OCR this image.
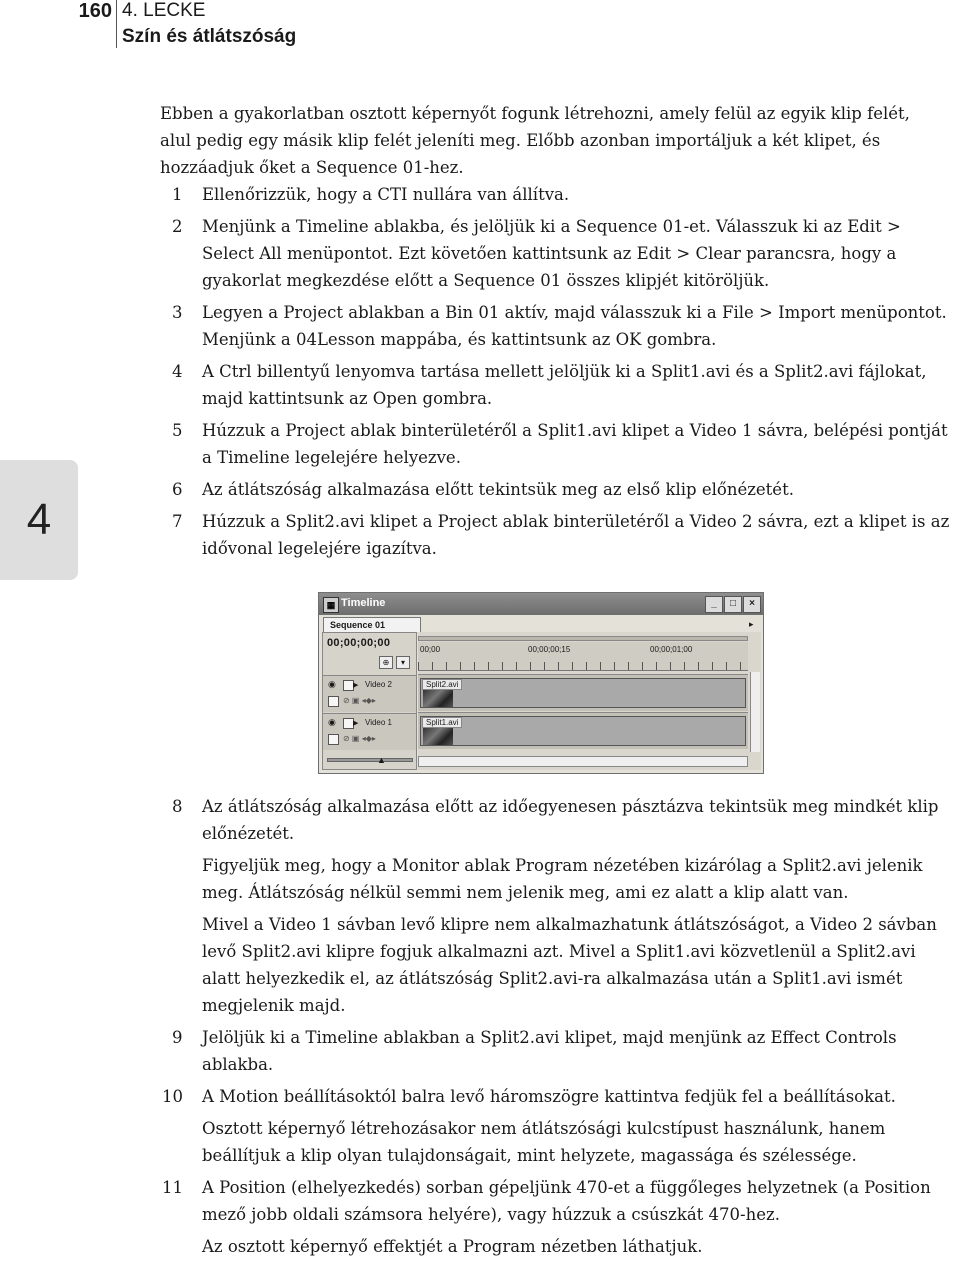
160 4. LECKE
Szín és átlátszóság
4
Ebben a gyakorlatban osztott képernyőt fogunk létrehozni, amely felül az egyik klip felét, alul pedig egy másik klip felét jeleníti meg. Előbb azonban importáljuk a két klipet, és hozzáadjuk őket a Sequence 01-hez.
1	Ellenőrizzük, hogy a CTI nullára van állítva.
2	Menjünk a Timeline ablakba, és jelöljük ki a Sequence 01-et. Válasszuk ki az Edit > Select All menüpontot. Ezt követően kattintsunk az Edit > Clear parancsra, hogy a gyakorlat megkezdése előtt a Sequence 01 összes klipjét kitöröljük.
3	Legyen a Project ablakban a Bin 01 aktív, majd válasszuk ki a File > Import menüpontot. Menjünk a 04Lesson mappába, és kattintsunk az OK gombra.
4	A Ctrl billentyű lenyomva tartása mellett jelöljük ki a Split1.avi és a Split2.avi fájlokat, majd kattintsunk az Open gombra.
5	Húzzuk a Project ablak binterületéről a Split1.avi klipet a Video 1 sávra, belépési pontját a Timeline legelejére helyezve.
6	Az átlátszóság alkalmazása előtt tekintsük meg az első klip előnézetét.
7	Húzzuk a Split2.avi klipet a Project ablak binterületéről a Video 2 sávra, ezt a klipet is az idővonal legelejére igazítva.
▦ Timeline	_	□	×
Sequence 01	▸
00;00;00;00
⊕	▾
◉	▶ Video 2
⊘ ▣ ◂◆▸
◉	▶ Video 1
⊘ ▣ ◂◆▸
▲
00;00	00;00;00;15	00;00;01;00
Split2.avi
Split1.avi
8	Az átlátszóság alkalmazása előtt az időegyenesen pásztázva tekintsük meg mindkét klip előnézetét.
Figyeljük meg, hogy a Monitor ablak Program nézetében kizárólag a Split2.avi jelenik meg. Átlátszóság nélkül semmi nem jelenik meg, ami ez alatt a klip alatt van.
Mivel a Video 1 sávban levő klipre nem alkalmazhatunk átlátszóságot, a Video 2 sávban levő Split2.avi klipre fogjuk alkalmazni azt. Mivel a Split1.avi közvetlenül a Split2.avi alatt helyezkedik el, az átlátszóság Split2.avi-ra alkalmazása után a Split1.avi ismét megjelenik majd.
9	Jelöljük ki a Timeline ablakban a Split2.avi klipet, majd menjünk az Effect Controls ablakba.
10	A Motion beállításoktól balra levő háromszögre kattintva fedjük fel a beállításokat.
Osztott képernyő létrehozásakor nem átlátszósági kulcstípust használunk, hanem beállítjuk a klip olyan tulajdonságait, mint helyzete, magassága és szélessége.
11	A Position (elhelyezkedés) sorban gépeljünk 470-et a függőleges helyzetnek (a Position mező jobb oldali számsora helyére), vagy húzzuk a csúszkát 470-hez.
Az osztott képernyő effektjét a Program nézetben láthatjuk.
